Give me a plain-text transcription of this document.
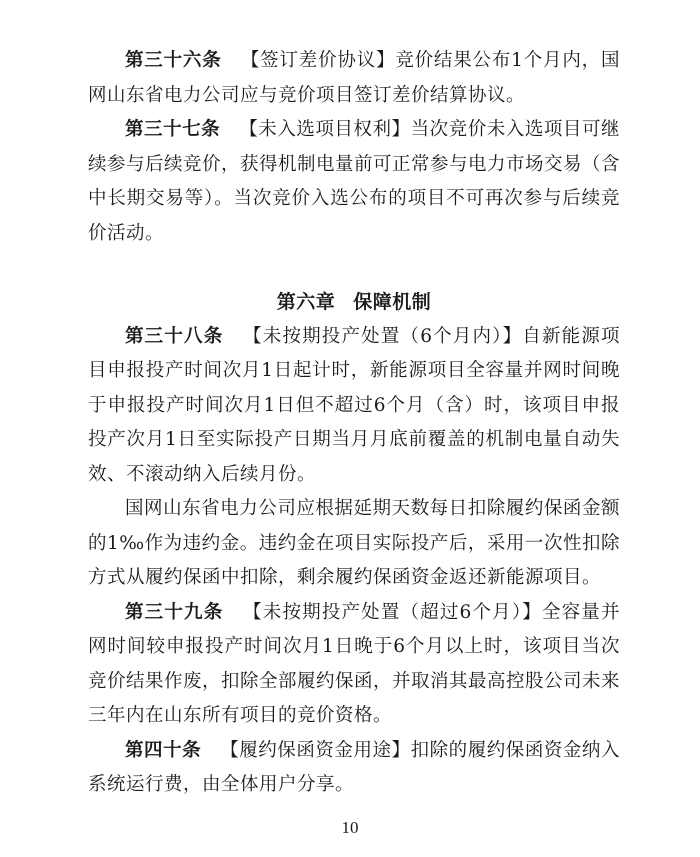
第三十六条  【签订差价协议】竞价结果公布1个月内，国网山东省电力公司应与竞价项目签订差价结算协议。

第三十七条  【未入选项目权利】当次竞价未入选项目可继续参与后续竞价，获得机制电量前可正常参与电力市场交易（含中长期交易等）。当次竞价入选公布的项目不可再次参与后续竞价活动。

第六章 保障机制

第三十八条  【未按期投产处置（6个月内）】自新能源项目申报投产时间次月1日起计时，新能源项目全容量并网时间晚于申报投产时间次月1日但不超过6个月（含）时，该项目申报投产次月1日至实际投产日期当月月底前覆盖的机制电量自动失效、不滚动纳入后续月份。

国网山东省电力公司应根据延期天数每日扣除履约保函金额的1‰作为违约金。违约金在项目实际投产后，采用一次性扣除方式从履约保函中扣除，剩余履约保函资金返还新能源项目。

第三十九条  【未按期投产处置（超过6个月）】全容量并网时间较申报投产时间次月1日晚于6个月以上时，该项目当次竞价结果作废，扣除全部履约保函，并取消其最高控股公司未来三年内在山东所有项目的竞价资格。

第四十条  【履约保函资金用途】扣除的履约保函资金纳入系统运行费，由全体用户分享。

10
